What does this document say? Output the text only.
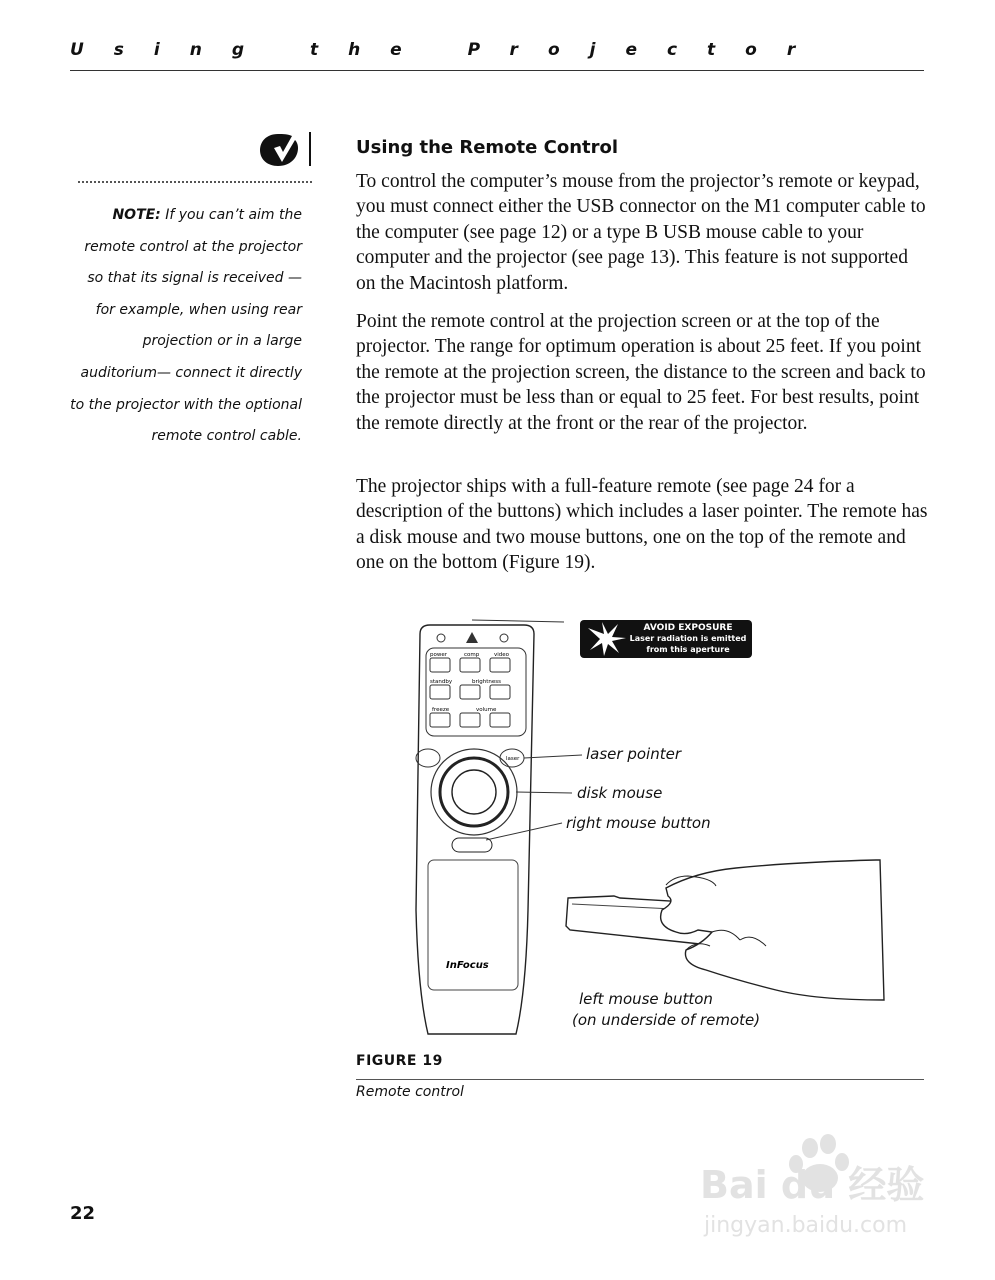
Using the Projector
NOTE: If you can’t aim the remote control at the projector so that its signal is received — for example, when using rear projection or in a large auditorium— connect it directly to the projector with the optional remote control cable.
Using the Remote Control

To control the computer’s mouse from the projector’s remote or keypad, you must connect either the USB connector on the M1 computer cable to the computer (see page 12) or a type B USB mouse cable to your computer and the projector (see page 13). This feature is not supported on the Macintosh platform.

Point the remote control at the projection screen or at the top of the projector. The range for optimum operation is about 25 feet. If you point the remote at the projection screen, the distance to the screen and back to the projector must be less than or equal to 25 feet. For best results, point the remote directly at the front or the rear of the projector.

The projector ships with a full-feature remote (see page 24 for a description of the buttons) which includes a laser pointer. The remote has a disk mouse and two mouse buttons, one on the top of the remote and one on the bottom (Figure 19).

power	comp	video
standby	brightness
freeze	volume
laser
InFocus
AVOID EXPOSURE
Laser radiation is emitted
from this aperture
laser pointer
disk mouse
right mouse button
left mouse button
(on underside of remote)
FIGURE 19
Remote control
22
Bai du 经验
jingyan.baidu.com
